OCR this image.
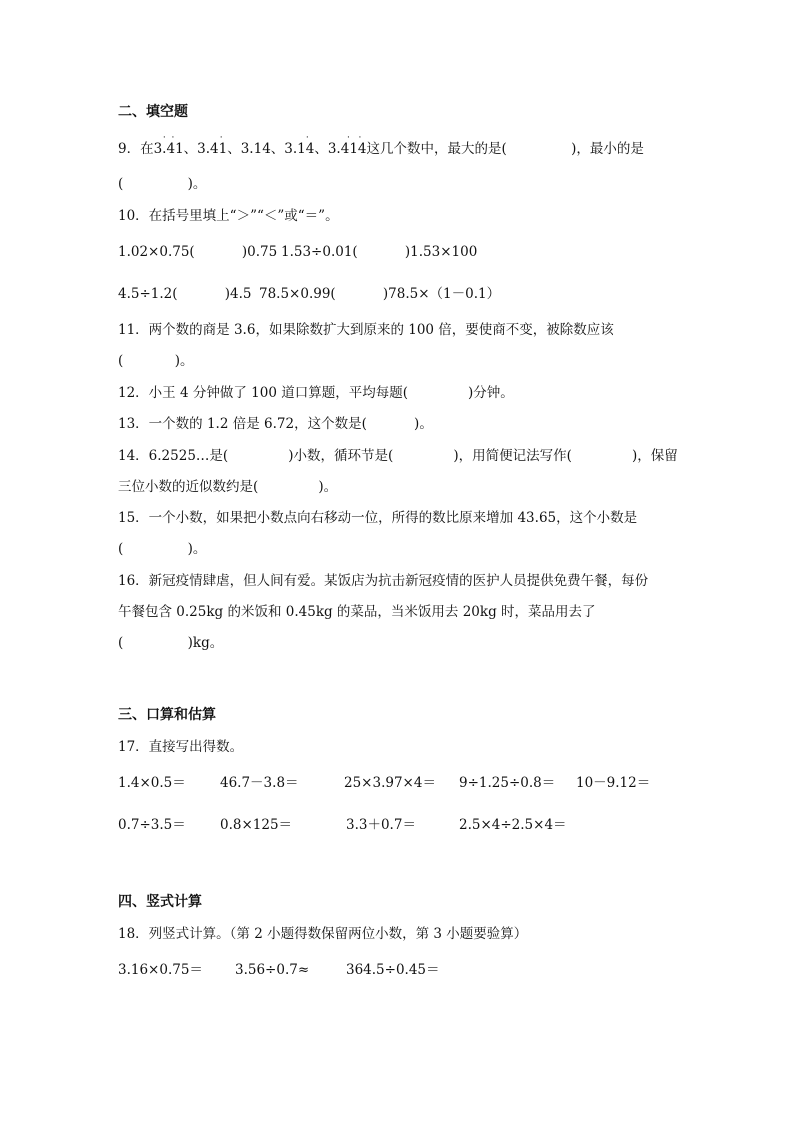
二、填空题
9．在3.41
·  ·
、3.41
·
、3.14、3.14
·
、3.414
·   ·
这几个数中，最大的是(               )，最小的是
(               )。
10．在括号里填上“＞”“＜”或“＝”。
1.02×0.75(           )0.75 1.53÷0.01(           )1.53×100
4.5÷1.2(           )4.5 78.5×0.99(           )78.5×（1－0.1）
11．两个数的商是 3.6，如果除数扩大到原来的 100 倍，要使商不变，被除数应该
(            )。
12．小王 4 分钟做了 100 道口算题，平均每题(              )分钟。
13．一个数的 1.2 倍是 6.72，这个数是(           )。
14．6.2525…是(              )小数，循环节是(              )，用简便记法写作(              )，保留
三位小数的近似数约是(              )。
15．一个小数，如果把小数点向右移动一位，所得的数比原来增加 43.65，这个小数是
(               )。
16．新冠疫情肆虐，但人间有爱。某饭店为抗击新冠疫情的医护人员提供免费午餐，每份
午餐包含 0.25kg 的米饭和 0.45kg 的菜品，当米饭用去 20kg 时，菜品用去了
(               )kg。
三、口算和估算
17．直接写出得数。
1.4×0.5＝	46.7－3.8＝	25×3.97×4＝ 9÷1.25÷0.8＝ 10－9.12＝
0.7÷3.5＝	0.8×125＝	3.3＋0.7＝	2.5×4÷2.5×4＝
四、竖式计算
18．列竖式计算。（第 2 小题得数保留两位小数，第 3 小题要验算）
3.16×0.75＝ 3.56÷0.7≈	364.5÷0.45＝
